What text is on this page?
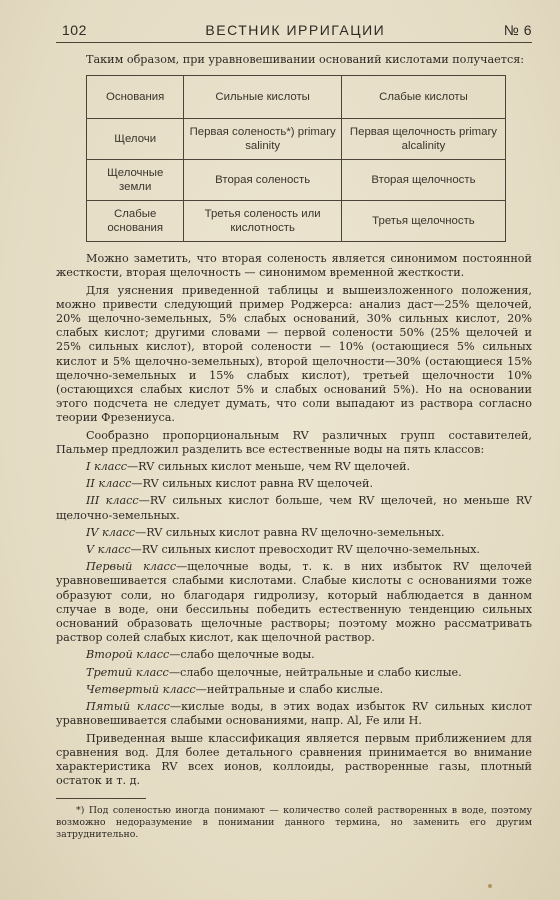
102	ВЕСТНИК ИРРИГАЦИИ	№ 6

Таким образом, при уравновешивании оснований кислотами получается:

Основания	Сильные кислоты	Слабые кислоты
Щелочи	Первая соленость*) primary salinity	Первая щелочность primary alcalinity
Щелочные земли	Вторая соленость	Вторая щелочность
Слабые основания	Третья соленость или кислотность	Третья щелочность

Можно заметить, что вторая соленость является синонимом постоянной жесткости, вторая щелочность — синонимом временной жесткости.

Для уяснения приведенной таблицы и вышеизложенного положения, можно привести следующий пример Роджерса: анализ даст—25% щелочей, 20% щелочно-земельных, 5% слабых оснований, 30% сильных кислот, 20% слабых кислот; другими словами — первой солености 50% (25% щелочей и 25% сильных кислот), второй солености — 10% (остающиеся 5% сильных кислот и 5% щелочно-земельных), второй щелочности—30% (остающиеся 15% щелочно-земельных и 15% слабых кислот), третьей щелочности 10% (остающихся слабых кислот 5% и слабых оснований 5%). Но на основании этого подсчета не следует думать, что соли выпадают из раствора согласно теории Фрезениуса.

Сообразно пропорциональным RV различных групп составителей, Пальмер предложил разделить все естественные воды на пять классов:

I класс—RV сильных кислот меньше, чем RV щелочей.

II класс—RV сильных кислот равна RV щелочей.

III класс—RV сильных кислот больше, чем RV щелочей, но меньше RV щелочно-земельных.

IV класс—RV сильных кислот равна RV щелочно-земельных.

V класс—RV сильных кислот превосходит RV щелочно-земельных.

Первый класс—щелочные воды, т. к. в них избыток RV щелочей уравновешивается слабыми кислотами. Слабые кислоты с основаниями тоже образуют соли, но благодаря гидролизу, который наблюдается в данном случае в воде, они бессильны победить естественную тенденцию сильных оснований образовать щелочные растворы; поэтому можно рассматривать раствор солей слабых кислот, как щелочной раствор.

Второй класс—слабо щелочные воды.

Третий класс—слабо щелочные, нейтральные и слабо кислые.

Четвертый класс—нейтральные и слабо кислые.

Пятый класс—кислые воды, в этих водах избыток RV сильных кислот уравновешивается слабыми основаниями, напр. Al, Fe или H.

Приведенная выше классификация является первым приближением для сравнения вод. Для более детального сравнения принимается во внимание характеристика RV всех ионов, коллоиды, растворенные газы, плотный остаток и т. д.

*) Под соленостью иногда понимают — количество солей растворенных в воде, поэтому возможно недоразумение в понимании данного термина, но заменить его другим затруднительно.
